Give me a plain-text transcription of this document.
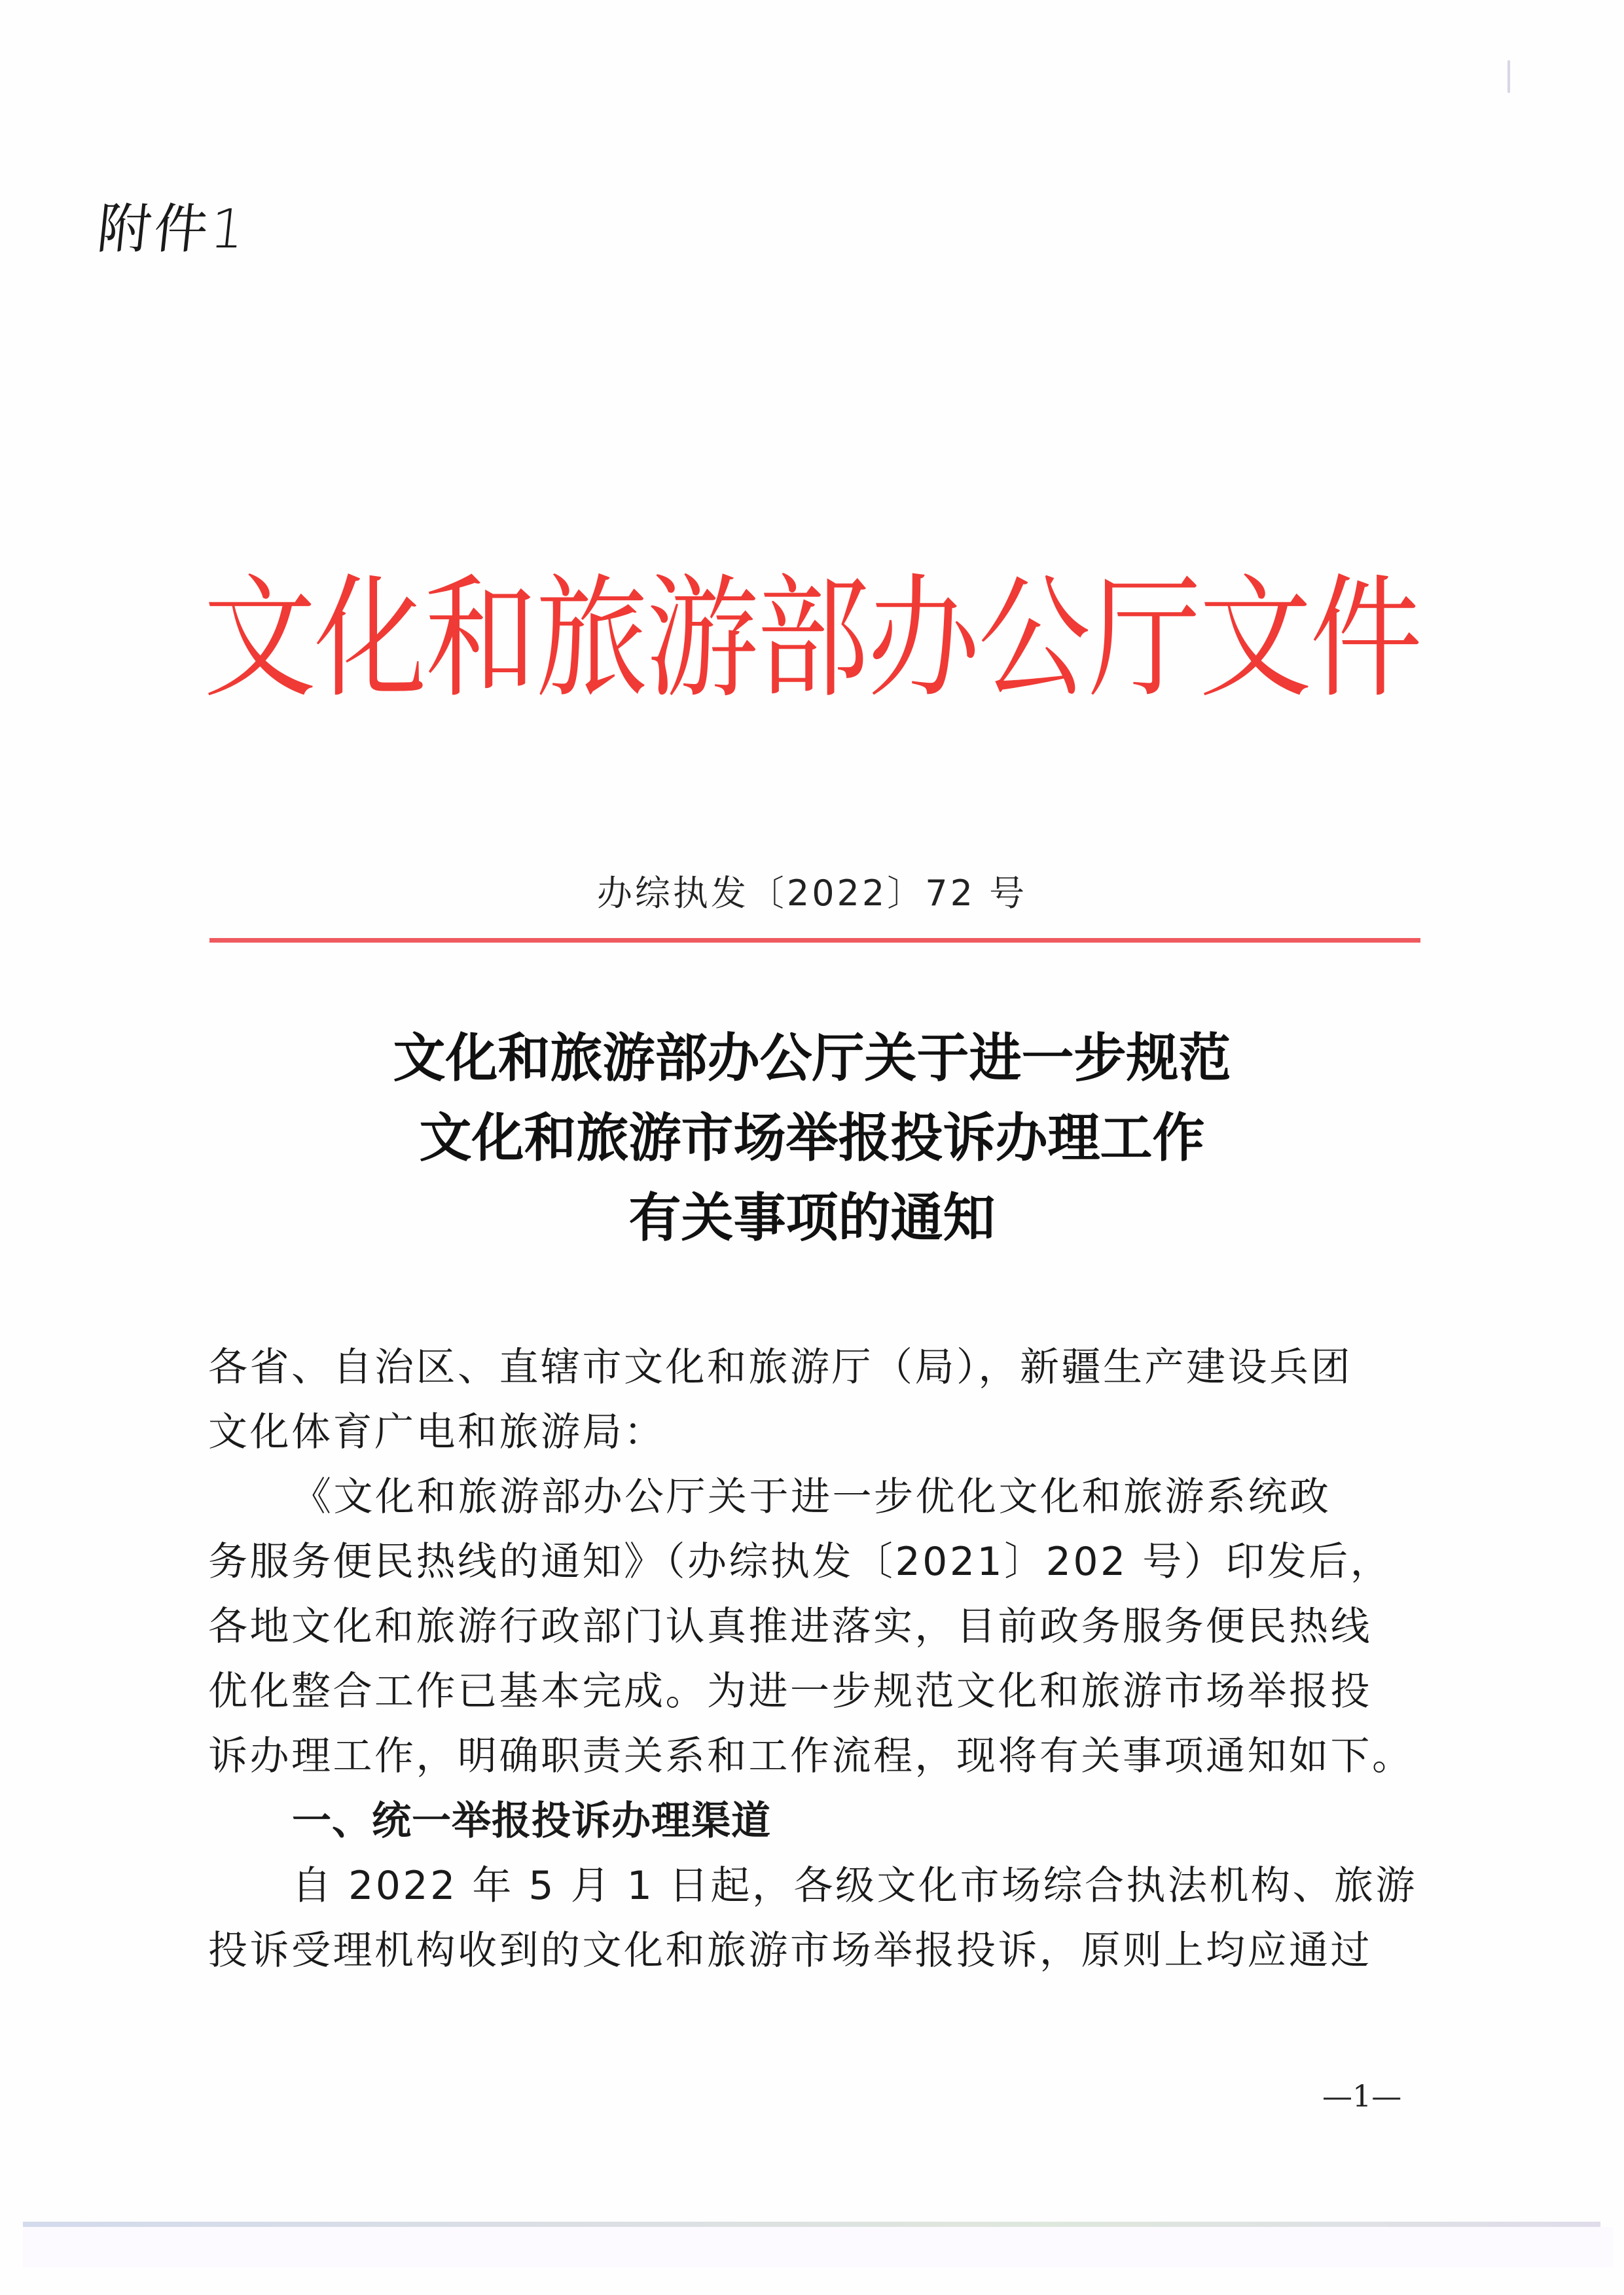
附件1
文化和旅游部办公厅文件
办综执发〔2022〕72 号
文化和旅游部办公厅关于进一步规范
文化和旅游市场举报投诉办理工作
有关事项的通知

各省、自治区、直辖市文化和旅游厅（局），新疆生产建设兵团

文化体育广电和旅游局：

《文化和旅游部办公厅关于进一步优化文化和旅游系统政

务服务便民热线的通知》（办综执发〔2021〕202 号）印发后，

各地文化和旅游行政部门认真推进落实，目前政务服务便民热线

优化整合工作已基本完成。为进一步规范文化和旅游市场举报投

诉办理工作，明确职责关系和工作流程，现将有关事项通知如下。

一、统一举报投诉办理渠道

自 2022 年 5 月 1 日起，各级文化市场综合执法机构、旅游

投诉受理机构收到的文化和旅游市场举报投诉，原则上均应通过

—1—
